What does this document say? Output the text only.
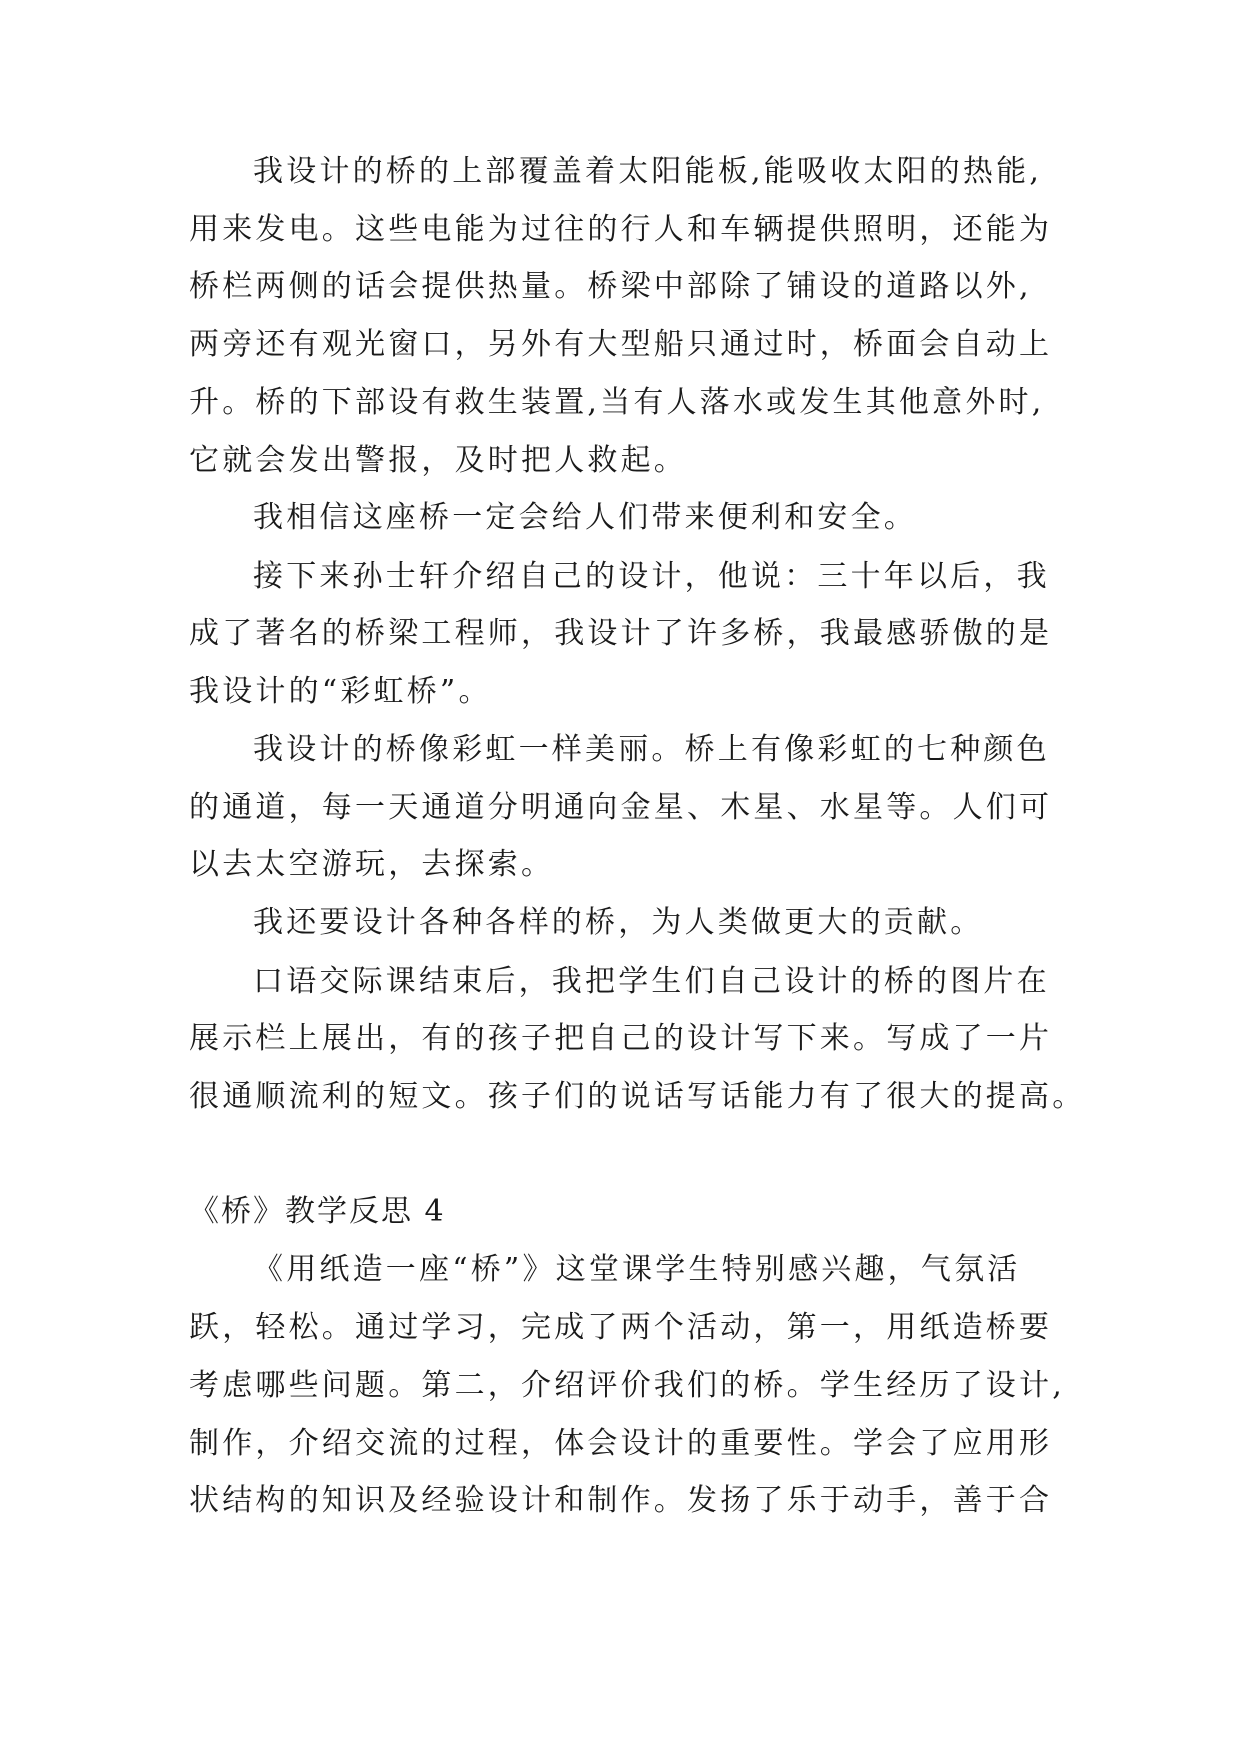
我设计的桥的上部覆盖着太阳能板,能吸收太阳的热能,
用来发电。这些电能为过往的行人和车辆提供照明，还能为
桥栏两侧的话会提供热量。桥梁中部除了铺设的道路以外,
两旁还有观光窗口，另外有大型船只通过时，桥面会自动上
升。桥的下部设有救生装置,当有人落水或发生其他意外时,
它就会发出警报，及时把人救起。
我相信这座桥一定会给人们带来便利和安全。
接下来孙士轩介绍自己的设计，他说：三十年以后，我
成了著名的桥梁工程师，我设计了许多桥，我最感骄傲的是
我设计的“彩虹桥”。
我设计的桥像彩虹一样美丽。桥上有像彩虹的七种颜色
的通道，每一天通道分明通向金星、木星、水星等。人们可
以去太空游玩，去探索。
我还要设计各种各样的桥，为人类做更大的贡献。
口语交际课结束后，我把学生们自己设计的桥的图片在
展示栏上展出，有的孩子把自己的设计写下来。写成了一片
很通顺流利的短文。孩子们的说话写话能力有了很大的提高。
《桥》教学反思 4
《用纸造一座“桥”》这堂课学生特别感兴趣，气氛活
跃，轻松。通过学习，完成了两个活动，第一，用纸造桥要
考虑哪些问题。第二，介绍评价我们的桥。学生经历了设计,
制作，介绍交流的过程，体会设计的重要性。学会了应用形
状结构的知识及经验设计和制作。发扬了乐于动手，善于合
